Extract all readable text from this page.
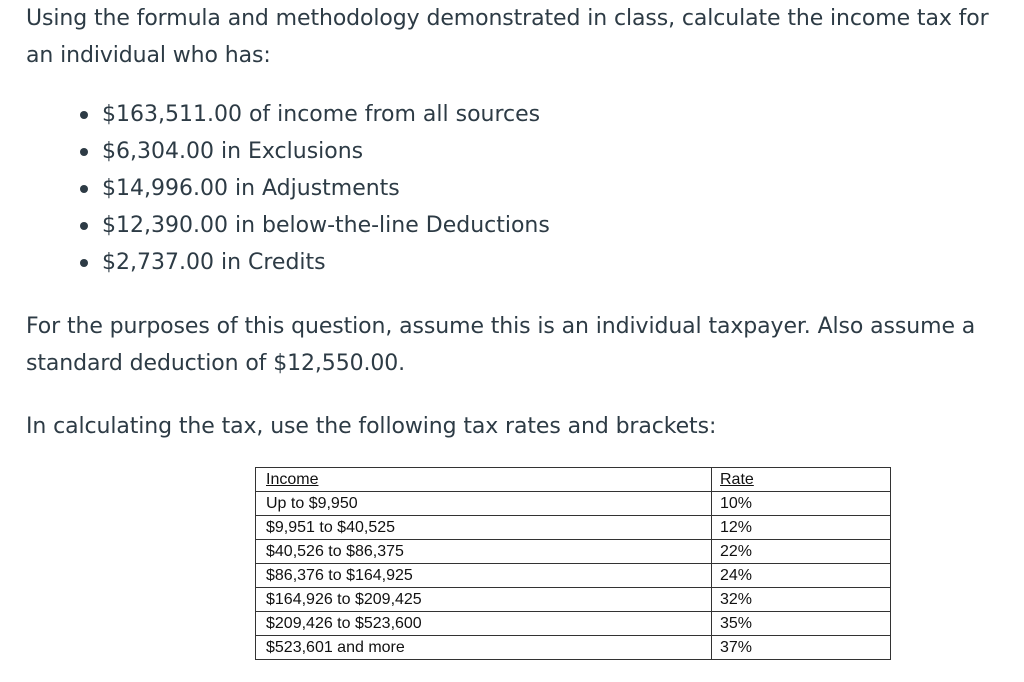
Using the formula and methodology demonstrated in class, calculate the income tax for an individual who has:

$163,511.00 of income from all sources
$6,304.00 in Exclusions
$14,996.00 in Adjustments
$12,390.00 in below-the-line Deductions
$2,737.00 in Credits

For the purposes of this question, assume this is an individual taxpayer. Also assume a standard deduction of $12,550.00.

In calculating the tax, use the following tax rates and brackets:

Income	Rate
Up to $9,950	10%
$9,951 to $40,525	12%
$40,526 to $86,375	22%
$86,376 to $164,925	24%
$164,926 to $209,425	32%
$209,426 to $523,600	35%
$523,601 and more	37%
